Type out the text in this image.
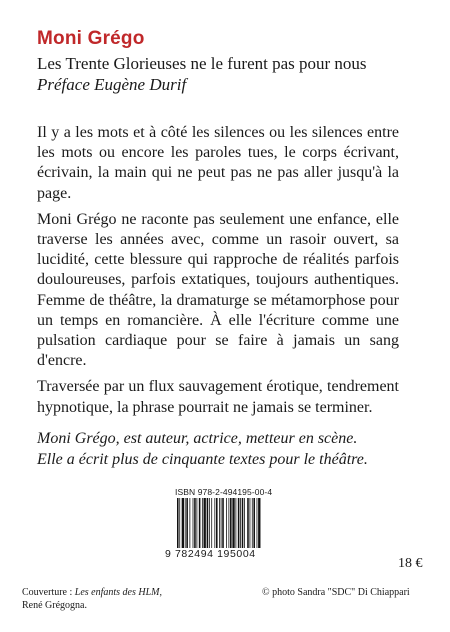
Moni Grégo
Les Trente Glorieuses ne le furent pas pour nous
Préface Eugène Durif

Il y a les mots et à côté les silences ou les silences entre les mots ou encore les paroles tues, le corps écrivant, écrivain, la main qui ne peut pas ne pas aller jusqu'à la page.

Moni Grégo ne raconte pas seulement une enfance, elle traverse les années avec, comme un rasoir ouvert, sa lucidité, cette blessure qui rapproche de réalités parfois douloureuses, parfois extatiques, toujours authentiques. Femme de théâtre, la dramaturge se métamorphose pour un temps en romancière. À elle l'écriture comme une pulsation cardiaque pour se faire à jamais un sang d'encre.

Traversée par un flux sauvagement érotique, tendrement hypnotique, la phrase pourrait ne jamais se terminer.

Moni Grégo, est auteur, actrice, metteur en scène.
Elle a écrit plus de cinquante textes pour le théâtre.
ISBN 978-2-494195-00-4
9 782494 195004
18 €
Couverture : Les enfants des HLM,
René Grégogna.
© photo Sandra "SDC" Di Chiappari
